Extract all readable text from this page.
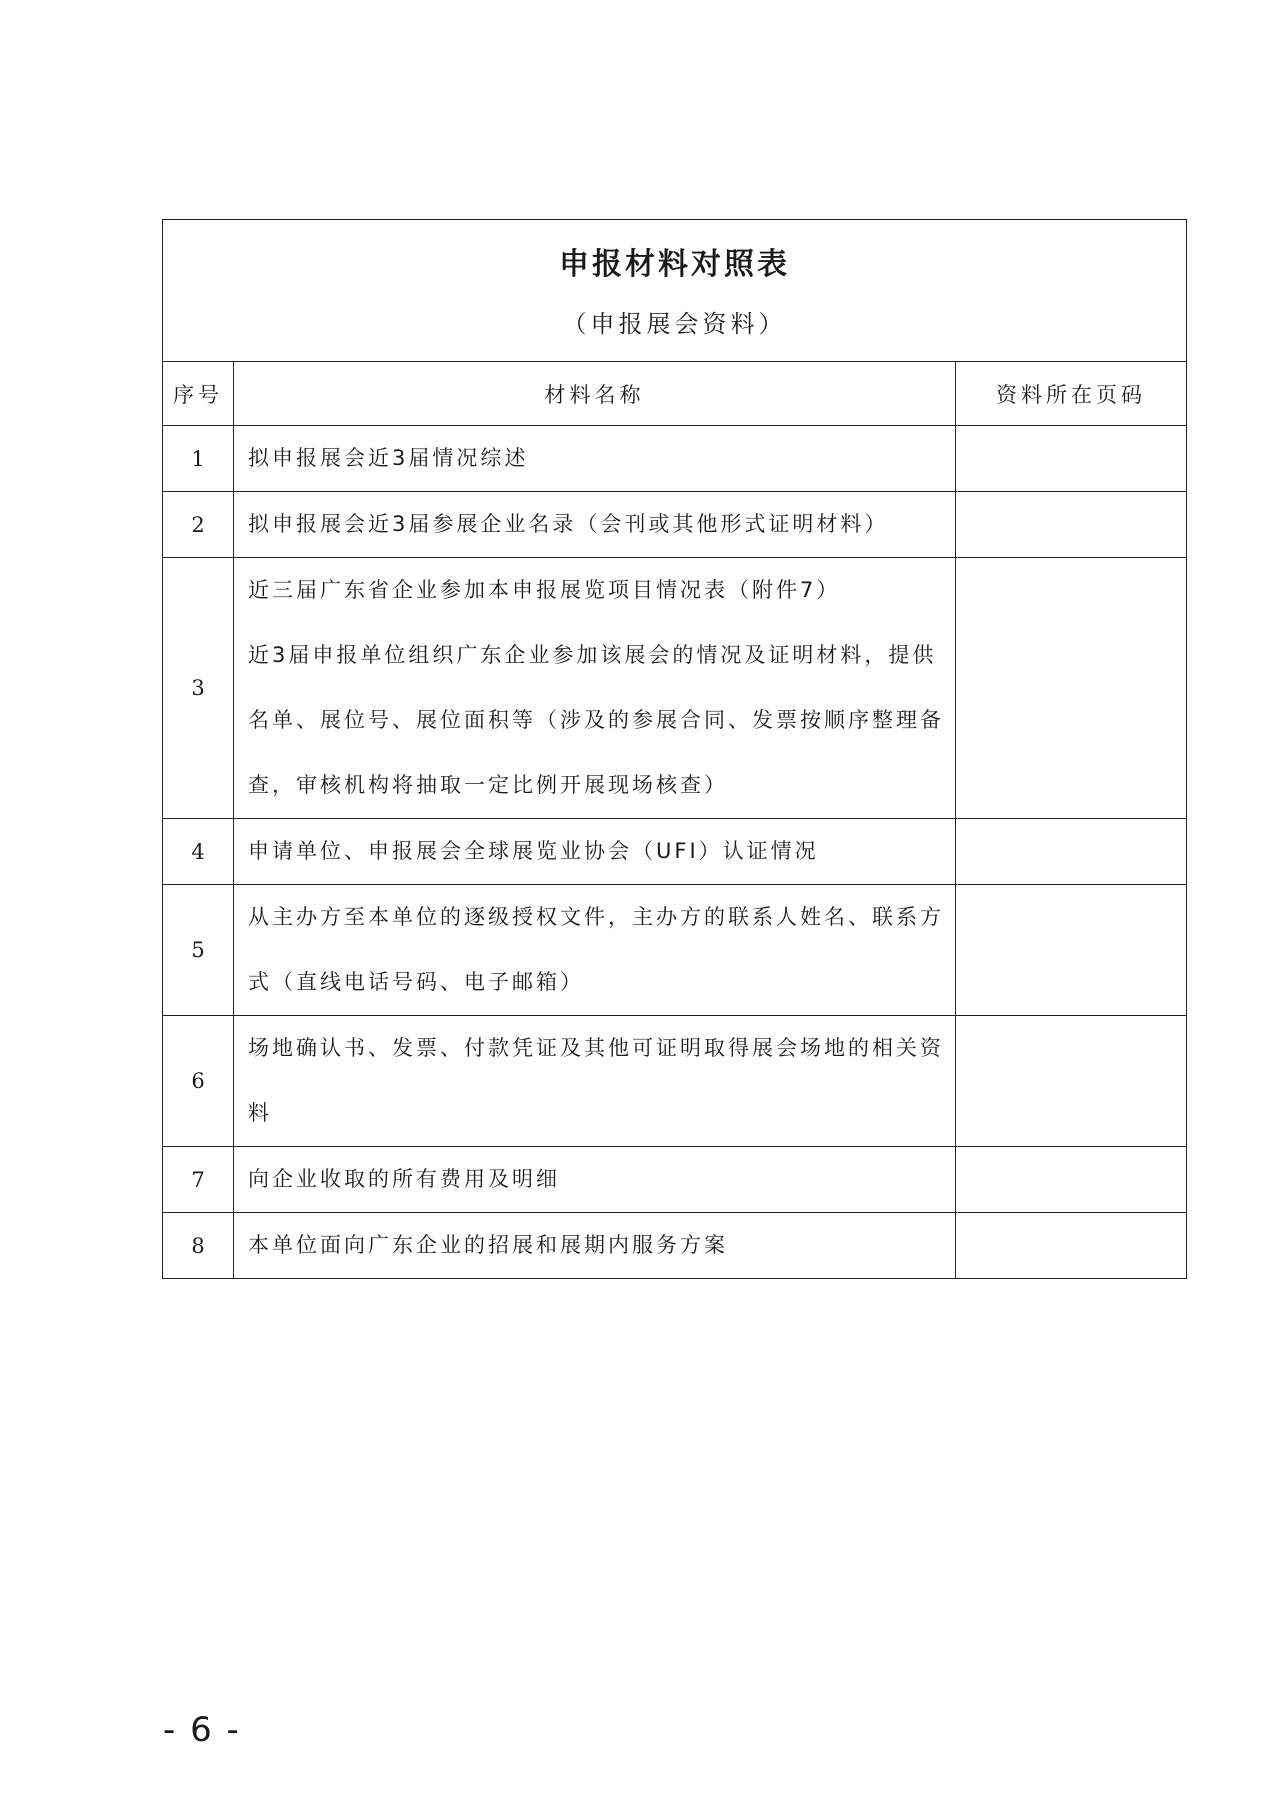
申报材料对照表
（申报展会资料）		

序号	材料名称	资料所在页码
1	拟申报展会近3届情况综述	

2	拟申报展会近3届参展企业名录（会刊或其他形式证明材料）	

3	近三届广东省企业参加本申报展览项目情况表（附件7）
近3届申报单位组织广东企业参加该展会的情况及证明材料，提供
名单、展位号、展位面积等（涉及的参展合同、发票按顺序整理备
查，审核机构将抽取一定比例开展现场核查）	

4	申请单位、申报展会全球展览业协会（UFI）认证情况	

5	从主办方至本单位的逐级授权文件，主办方的联系人姓名、联系方
式（直线电话号码、电子邮箱）	

6	场地确认书、发票、付款凭证及其他可证明取得展会场地的相关资
料	

7	向企业收取的所有费用及明细	

8	本单位面向广东企业的招展和展期内服务方案	

- 6 -
